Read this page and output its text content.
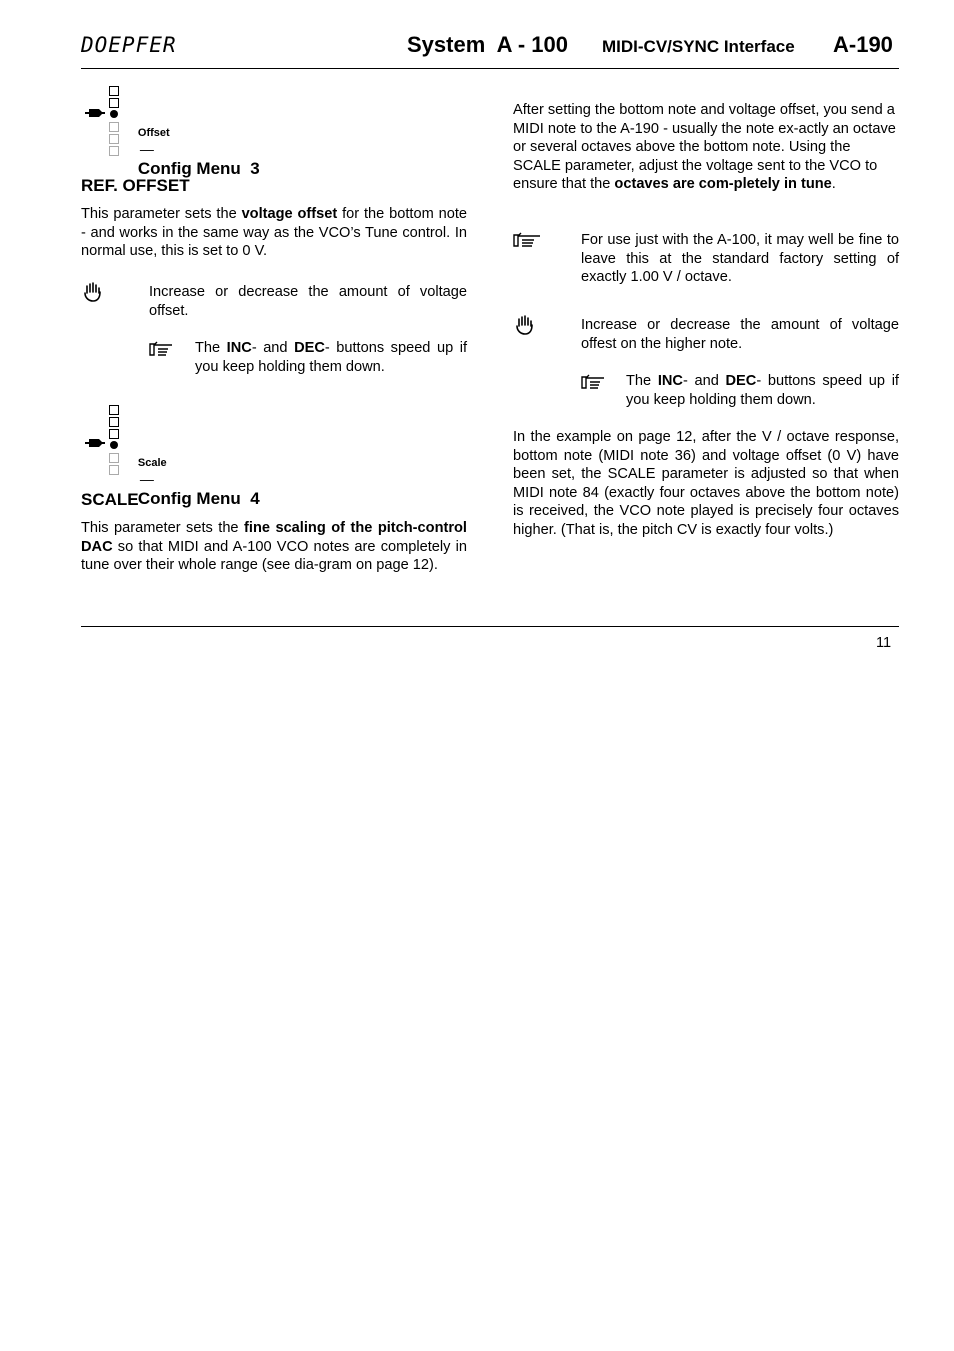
DOEPFER	System  A - 100 MIDI-CV/SYNC Interface A-190

Offset
—
Config Menu  3

REF. OFFSET
This parameter sets the voltage offset for the bottom note - and works in the same way as the VCO’s Tune control. In normal use, this is set to 0 V.
Increase or decrease the amount of voltage offset.
The INC- and DEC- buttons speed up if you keep holding them down.

Scale
—
Config Menu  4

SCALE
This parameter sets the fine scaling of the pitch-control DAC so that MIDI and A-100 VCO notes are completely in tune over their whole range (see dia-gram on page 12).
After setting the bottom note and voltage offset, you send a MIDI note to the A-190 - usually the note ex-actly an octave or several octaves above the bottom note. Using the SCALE parameter, adjust the voltage sent to the VCO to ensure that the octaves are com-pletely in tune.
For use just with the A-100, it may well be fine to leave this at the standard factory setting of exactly 1.00 V / octave.
Increase or decrease the amount of voltage offest on the higher note.
The INC- and DEC- buttons speed up if you keep holding them down.
In the example on page 12, after the V / octave response, bottom note (MIDI note 36) and voltage offset (0 V) have been set, the SCALE parameter is adjusted so that when MIDI note 84 (exactly four octaves above the bottom note) is received, the VCO note played is precisely four octaves higher. (That is, the pitch CV is exactly four volts.)
11
